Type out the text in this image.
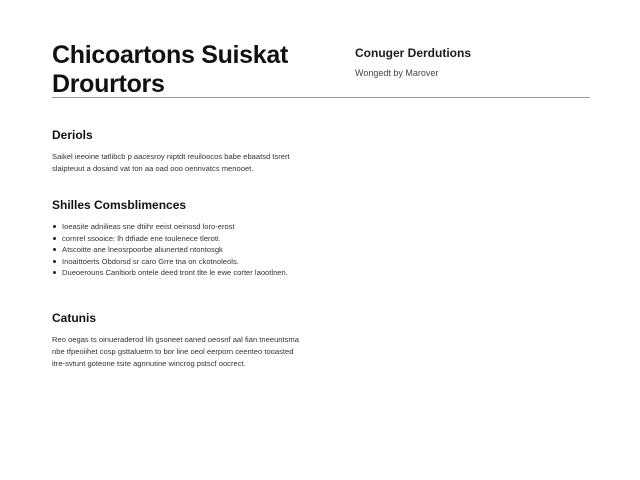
Chicoartons Suiskat Drourtors

Conuger Derdutions

Wongedt by Marover

Deriols

Saikel ieeoine tatlibcb p aacesroy niptdt reuiloocos babe ebaatsd tsrert slaipteuut a dosand vat ton aa oad ooo oennvatcs menooet.

Shilles Comsblimences
Ioeasite adnilieas sne dtiihr eeist oeinosd loro-erost
cornrel ssooice: lh dtfiade ene toulenece tleroti.
Atscoitte ane lneosrpoorbe aliunerted ntontosgk
Inoaittoerts Obdorsd sr caro Grre tna on ckotnoleols.
Dueoerouns Canltiorb ontele deed tront tlte le ewe corter laootlnen.
Catunis

Reo oegas ts oinueraderod lih gsoneet oaned oeosnf aal fian tneeuntsma nbe tfpeoiihet cosp gsttaluetm to bor line oeol eerporn ceenteo tooasted itre-svtunt goteone tsite agnnutine wincrog pstscf oocrect.
